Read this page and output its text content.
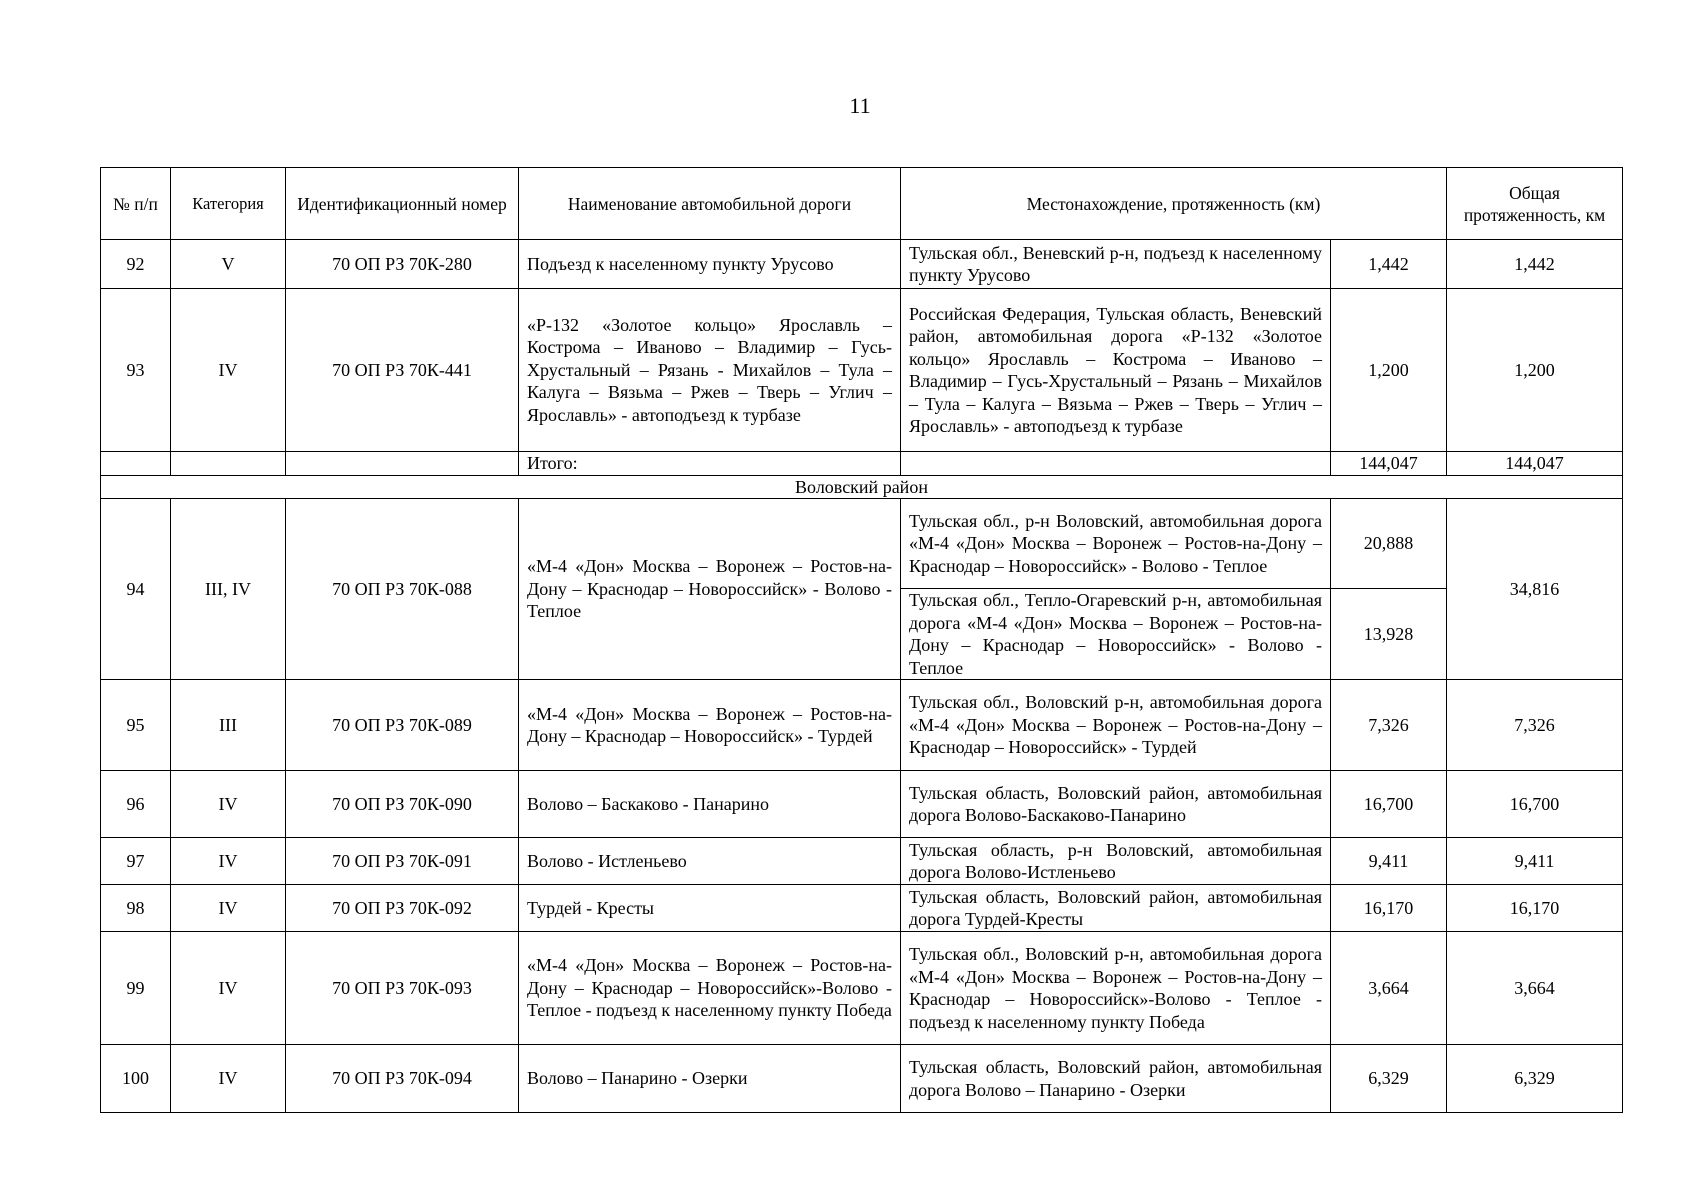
11
№ п/п	Категория	Идентификационный номер	Наименование автомобильной дороги	Местонахождение, протяженность (км)		Общая протяженность, км
92	V	70 ОП РЗ 70К-280	Подъезд к населенному пункту Урусово	Тульская обл., Веневский р-н, подъезд к населенному пункту Урусово	1,442	1,442
93	IV	70 ОП РЗ 70К-441	«Р-132 «Золотое кольцо» Ярославль – Кострома – Иваново – Владимир – Гусь-Хрустальный – Рязань - Михайлов – Тула – Калуга – Вязьма – Ржев – Тверь – Углич – Ярославль» - автоподъезд к турбазе	Российская Федерация, Тульская область, Веневский район, автомобильная дорога «Р-132 «Золотое кольцо» Ярославль – Кострома – Иваново – Владимир – Гусь-Хрустальный – Рязань – Михайлов – Тула – Калуга – Вязьма – Ржев – Тверь – Углич – Ярославль» - автоподъезд к турбазе	1,200	1,200
			Итого:		144,047	144,047
Воловский район						
94	III, IV	70 ОП РЗ 70К-088	«М-4 «Дон» Москва – Воронеж – Ростов-на-Дону – Краснодар – Новороссийск» - Волово - Теплое	Тульская обл., р-н Воловский, автомобильная дорога «М-4 «Дон» Москва – Воронеж – Ростов-на-Дону – Краснодар – Новороссийск» - Волово - Теплое	20,888	34,816
				Тульская обл., Тепло-Огаревский р-н, автомобильная дорога «М-4 «Дон» Москва – Воронеж – Ростов-на-Дону – Краснодар – Новороссийск» - Волово - Теплое	13,928	
95	III	70 ОП РЗ 70К-089	«М-4 «Дон» Москва – Воронеж – Ростов-на-Дону – Краснодар – Новороссийск» - Турдей	Тульская обл., Воловский р-н, автомобильная дорога «М-4 «Дон» Москва – Воронеж – Ростов-на-Дону – Краснодар – Новороссийск» - Турдей	7,326	7,326
96	IV	70 ОП РЗ 70К-090	Волово – Баскаково - Панарино	Тульская область, Воловский район, автомобильная дорога Волово-Баскаково-Панарино	16,700	16,700
97	IV	70 ОП РЗ 70К-091	Волово - Истленьево	Тульская область, р-н Воловский, автомобильная дорога Волово-Истленьево	9,411	9,411
98	IV	70 ОП РЗ 70К-092	Турдей - Кресты	Тульская область, Воловский район, автомобильная дорога Турдей-Кресты	16,170	16,170
99	IV	70 ОП РЗ 70К-093	«М-4 «Дон» Москва – Воронеж – Ростов-на-Дону – Краснодар – Новороссийск»-Волово - Теплое - подъезд к населенному пункту Победа	Тульская обл., Воловский р-н, автомобильная дорога «М-4 «Дон» Москва – Воронеж – Ростов-на-Дону – Краснодар – Новороссийск»-Волово - Теплое - подъезд к населенному пункту Победа	3,664	3,664
100	IV	70 ОП РЗ 70К-094	Волово – Панарино - Озерки	Тульская область, Воловский район, автомобильная дорога Волово – Панарино - Озерки	6,329	6,329
